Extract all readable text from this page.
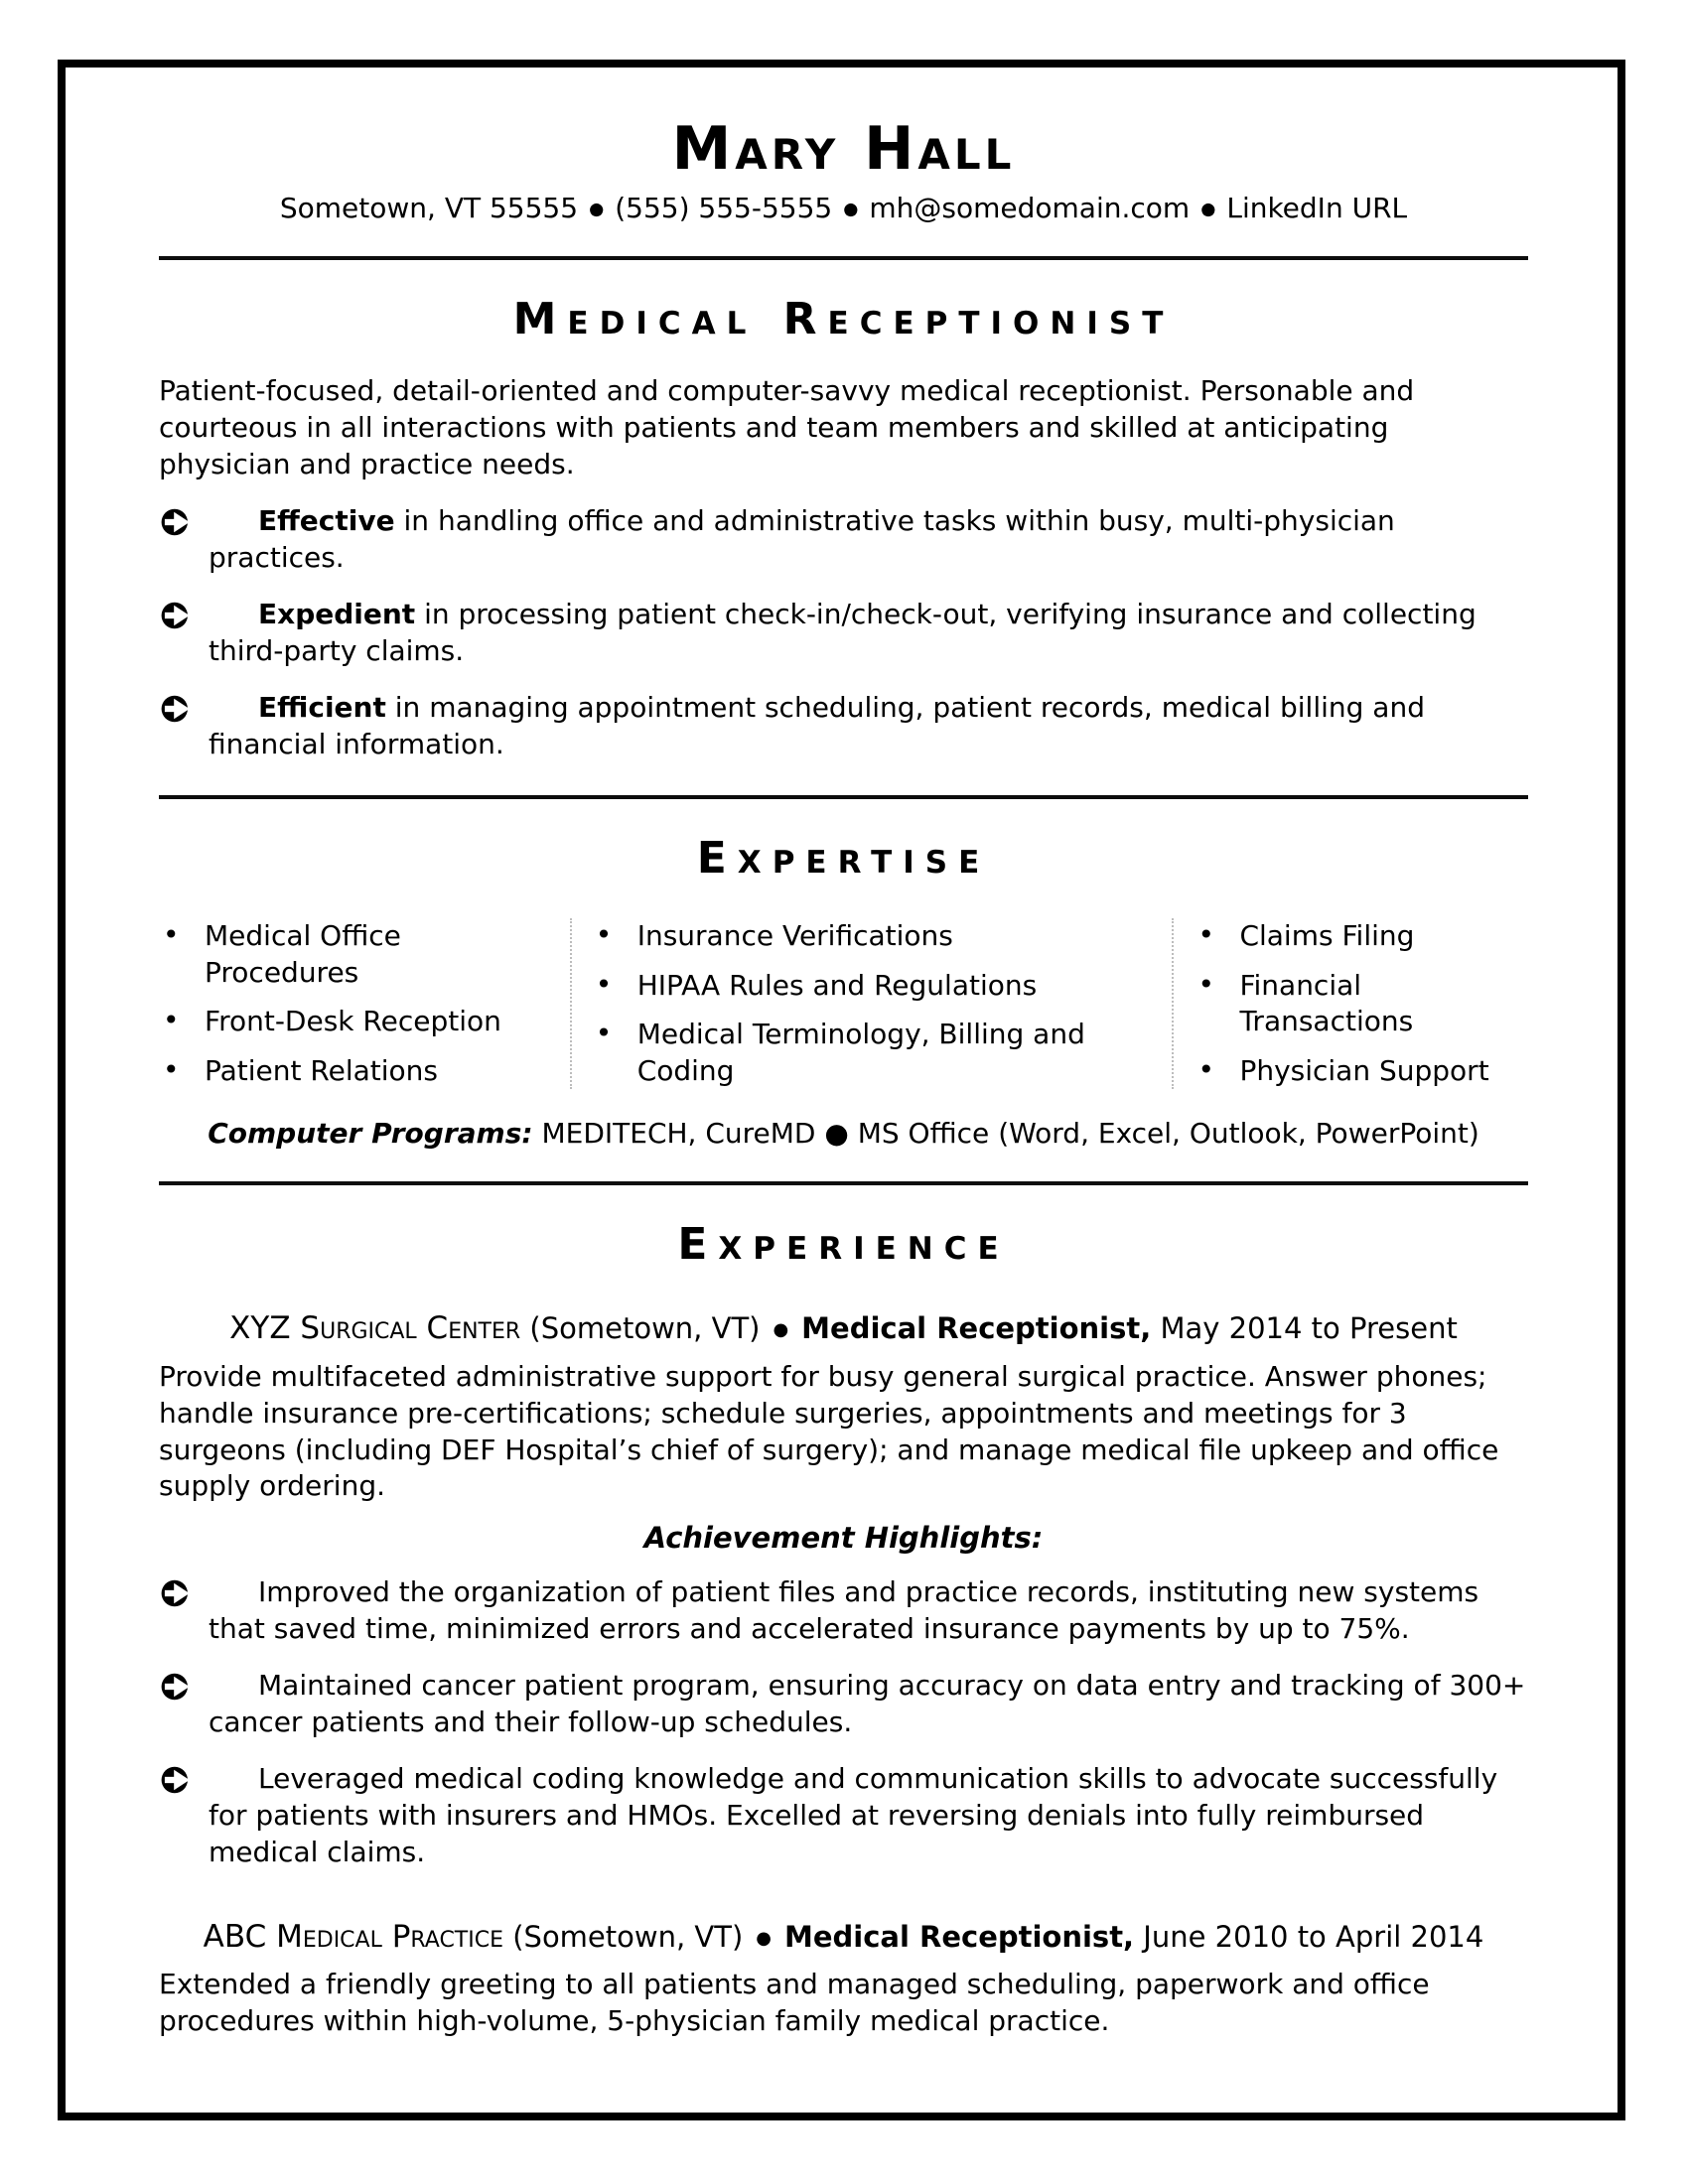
Mary Hall
Sometown, VT 55555 ● (555) 555-5555 ● mh@somedomain.com ● LinkedIn URL
Medical Receptionist

Patient-focused, detail-oriented and computer-savvy medical receptionist. Personable and courteous in all interactions with patients and team members and skilled at anticipating physician and practice needs.

Effective in handling office and administrative tasks within busy, multi-physician practices.
Expedient in processing patient check-in/check-out, verifying insurance and collecting third-party claims.
Efficient in managing appointment scheduling, patient records, medical billing and financial information.
Expertise
• Medical Office Procedures
• Front-Desk Reception
• Patient Relations
• Insurance Verifications
• HIPAA Rules and Regulations
• Medical Terminology, Billing and Coding
• Claims Filing
• Financial Transactions
• Physician Support
Computer Programs: MEDITECH, CureMD ● MS Office (Word, Excel, Outlook, PowerPoint)
Experience
XYZ Surgical Center (Sometown, VT) ● Medical Receptionist, May 2014 to Present

Provide multifaceted administrative support for busy general surgical practice. Answer phones; handle insurance pre-certifications; schedule surgeries, appointments and meetings for 3 surgeons (including DEF Hospital’s chief of surgery); and manage medical file upkeep and office supply ordering.

Achievement Highlights:
Improved the organization of patient files and practice records, instituting new systems that saved time, minimized errors and accelerated insurance payments by up to 75%.
Maintained cancer patient program, ensuring accuracy on data entry and tracking of 300+ cancer patients and their follow-up schedules.
Leveraged medical coding knowledge and communication skills to advocate successfully for patients with insurers and HMOs. Excelled at reversing denials into fully reimbursed medical claims.
ABC Medical Practice (Sometown, VT) ● Medical Receptionist, June 2010 to April 2014

Extended a friendly greeting to all patients and managed scheduling, paperwork and office procedures within high-volume, 5-physician family medical practice.
